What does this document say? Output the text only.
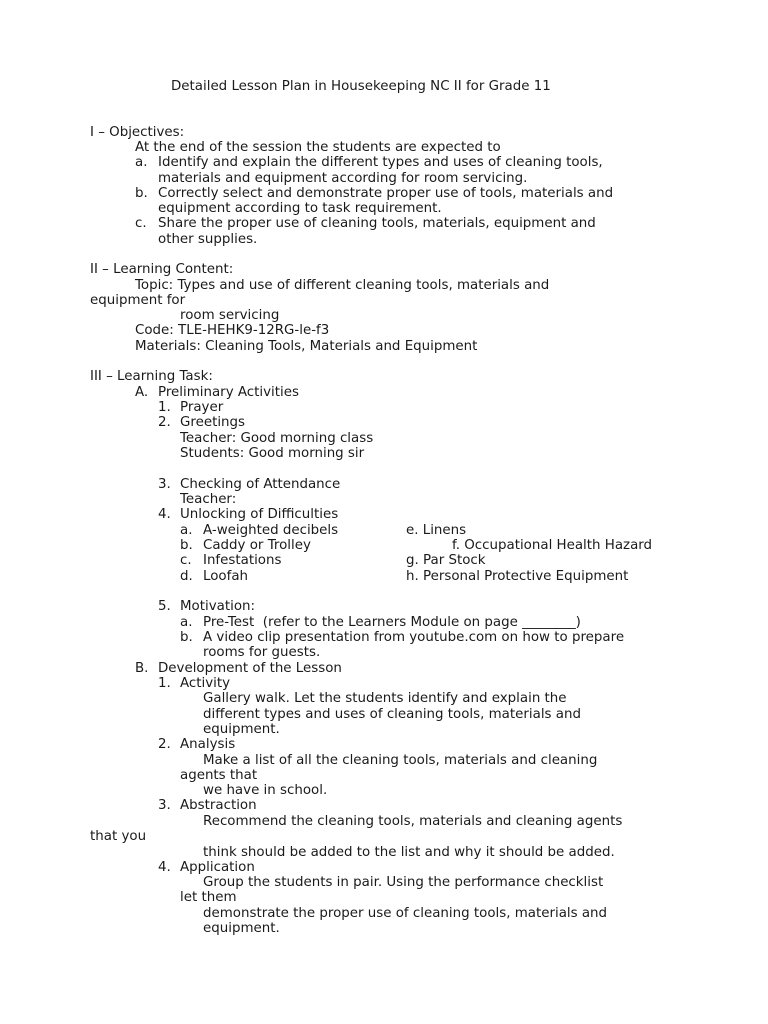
Detailed Lesson Plan in Housekeeping NC II for Grade 11
I – Objectives:
At the end of the session the students are expected to
a. Identify and explain the different types and uses of cleaning tools,
materials and equipment according for room servicing.
b. Correctly select and demonstrate proper use of tools, materials and
equipment according to task requirement.
c. Share the proper use of cleaning tools, materials, equipment and
other supplies.
II – Learning Content:
Topic: Types and use of different cleaning tools, materials and
equipment for
room servicing
Code: TLE-HEHK9-12RG-le-f3
Materials: Cleaning Tools, Materials and Equipment
III – Learning Task:
A. Preliminary Activities
1. Prayer
2. Greetings
Teacher: Good morning class
Students: Good morning sir
3. Checking of Attendance
Teacher:
4. Unlocking of Difficulties
a. A-weighted decibels	e. Linens
b. Caddy or Trolley	f. Occupational Health Hazard
c. Infestations	g. Par Stock
d. Loofah	h. Personal Protective Equipment
5. Motivation:
a. Pre-Test  (refer to the Learners Module on page ________)
b. A video clip presentation from youtube.com on how to prepare
rooms for guests.
B. Development of the Lesson
1. Activity
Gallery walk. Let the students identify and explain the
different types and uses of cleaning tools, materials and
equipment.
2. Analysis
Make a list of all the cleaning tools, materials and cleaning
agents that
we have in school.
3. Abstraction
Recommend the cleaning tools, materials and cleaning agents
that you
think should be added to the list and why it should be added.
4. Application
Group the students in pair. Using the performance checklist
let them
demonstrate the proper use of cleaning tools, materials and
equipment.
